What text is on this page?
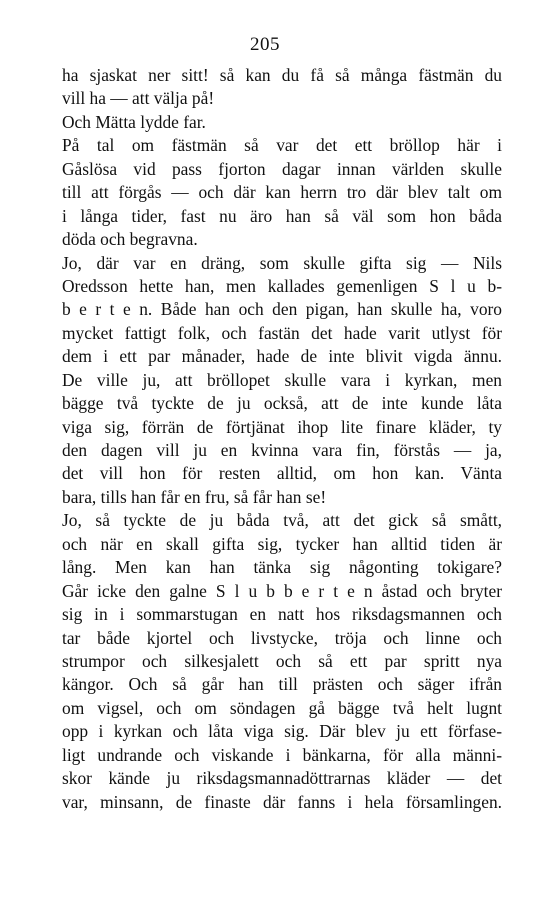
205
ha sjaskat ner sitt! så kan du få så många fästmän du
vill ha — att välja på!
Och Mätta lydde far.
På tal om fästmän så var det ett bröllop här i
Gåslösa vid pass fjorton dagar innan världen skulle
till att förgås — och där kan herrn tro där blev talt om
i långa tider, fast nu äro han så väl som hon båda
döda och begravna.
Jo, där var en dräng, som skulle gifta sig — Nils
Oredsson hette han, men kallades gemenligen S l u b-
b e r t e n. Både han och den pigan, han skulle ha, voro
mycket fattigt folk, och fastän det hade varit utlyst för
dem i ett par månader, hade de inte blivit vigda ännu.
De ville ju, att bröllopet skulle vara i kyrkan, men
bägge två tyckte de ju också, att de inte kunde låta
viga sig, förrän de förtjänat ihop lite finare kläder, ty
den dagen vill ju en kvinna vara fin, förstås — ja,
det vill hon för resten alltid, om hon kan. Vänta
bara, tills han får en fru, så får han se!
Jo, så tyckte de ju båda två, att det gick så smått,
och när en skall gifta sig, tycker han alltid tiden är
lång. Men kan han tänka sig någonting tokigare?
Går icke den galne S l u b b e r t e n åstad och bryter
sig in i sommarstugan en natt hos riksdagsmannen och
tar både kjortel och livstycke, tröja och linne och
strumpor och silkesjalett och så ett par spritt nya
kängor. Och så går han till prästen och säger ifrån
om vigsel, och om söndagen gå bägge två helt lugnt
opp i kyrkan och låta viga sig. Där blev ju ett förfase-
ligt undrande och viskande i bänkarna, för alla männi-
skor kände ju riksdagsmannadöttrarnas kläder — det
var, minsann, de finaste där fanns i hela församlingen.
